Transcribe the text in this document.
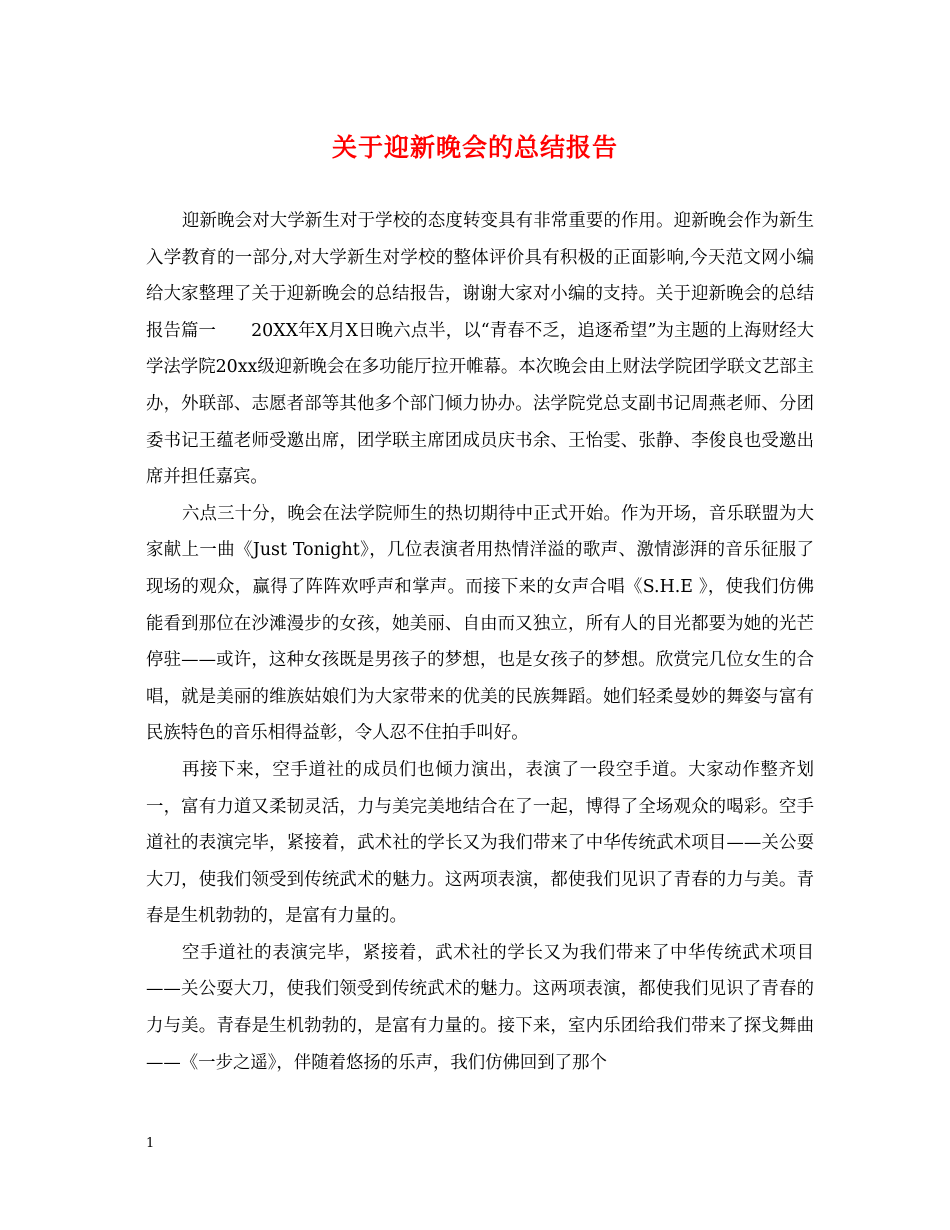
关于迎新晚会的总结报告

迎新晚会对大学新生对于学校的态度转变具有非常重要的作用。迎新晚会作为新生入学教育的一部分,对大学新生对学校的整体评价具有积极的正面影响,今天范文网小编给大家整理了关于迎新晚会的总结报告，谢谢大家对小编的支持。关于迎新晚会的总结报告篇一　　20XX年X月X日晚六点半，以“青春不乏，追逐希望”为主题的上海财经大学法学院20xx级迎新晚会在多功能厅拉开帷幕。本次晚会由上财法学院团学联文艺部主办，外联部、志愿者部等其他多个部门倾力协办。法学院党总支副书记周燕老师、分团委书记王蕴老师受邀出席，团学联主席团成员庆书余、王怡雯、张静、李俊良也受邀出席并担任嘉宾。

六点三十分，晚会在法学院师生的热切期待中正式开始。作为开场，音乐联盟为大家献上一曲《Just Tonight》，几位表演者用热情洋溢的歌声、激情澎湃的音乐征服了现场的观众，赢得了阵阵欢呼声和掌声。而接下来的女声合唱《S.H.E 》，使我们仿佛能看到那位在沙滩漫步的女孩，她美丽、自由而又独立，所有人的目光都要为她的光芒停驻——或许，这种女孩既是男孩子的梦想，也是女孩子的梦想。欣赏完几位女生的合唱，就是美丽的维族姑娘们为大家带来的优美的民族舞蹈。她们轻柔曼妙的舞姿与富有民族特色的音乐相得益彰，令人忍不住拍手叫好。

再接下来，空手道社的成员们也倾力演出，表演了一段空手道。大家动作整齐划一，富有力道又柔韧灵活，力与美完美地结合在了一起，博得了全场观众的喝彩。空手道社的表演完毕，紧接着，武术社的学长又为我们带来了中华传统武术项目——关公耍大刀，使我们领受到传统武术的魅力。这两项表演，都使我们见识了青春的力与美。青春是生机勃勃的，是富有力量的。

空手道社的表演完毕，紧接着，武术社的学长又为我们带来了中华传统武术项目——关公耍大刀，使我们领受到传统武术的魅力。这两项表演，都使我们见识了青春的力与美。青春是生机勃勃的，是富有力量的。接下来，室内乐团给我们带来了探戈舞曲——《一步之遥》，伴随着悠扬的乐声，我们仿佛回到了那个

1
